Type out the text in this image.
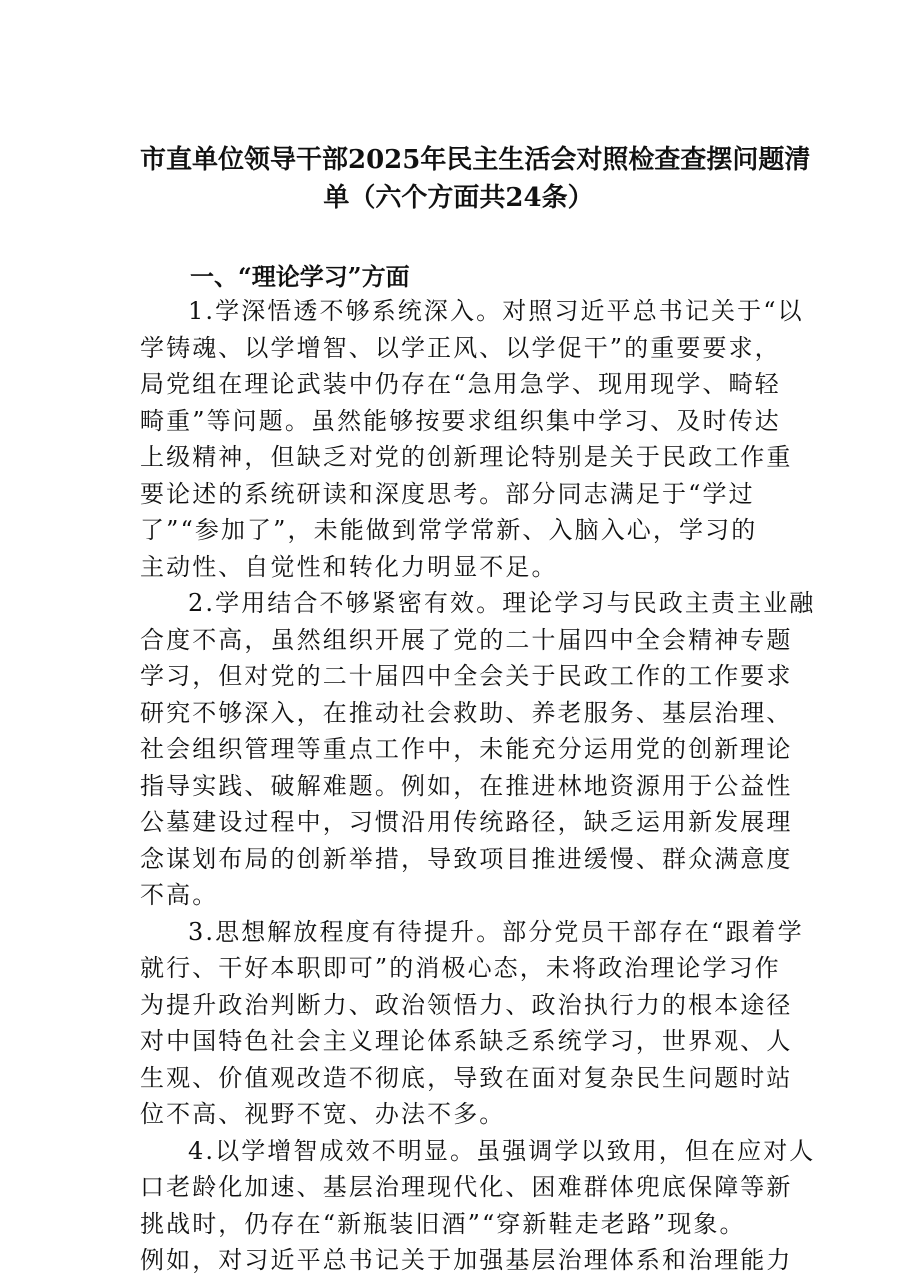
市直单位领导干部2025年民主生活会对照检查查摆问题清
单（六个方面共24条）
一、“理论学习”方面

1.学深悟透不够系统深入。对照习近平总书记关于“以
学铸魂、以学增智、以学正风、以学促干”的重要要求，
局党组在理论武装中仍存在“急用急学、现用现学、畸轻
畸重”等问题。虽然能够按要求组织集中学习、及时传达
上级精神，但缺乏对党的创新理论特别是关于民政工作重
要论述的系统研读和深度思考。部分同志满足于“学过
了”“参加了”，未能做到常学常新、入脑入心，学习的
主动性、自觉性和转化力明显不足。

2.学用结合不够紧密有效。理论学习与民政主责主业融
合度不高，虽然组织开展了党的二十届四中全会精神专题
学习，但对党的二十届四中全会关于民政工作的工作要求
研究不够深入，在推动社会救助、养老服务、基层治理、
社会组织管理等重点工作中，未能充分运用党的创新理论
指导实践、破解难题。例如，在推进林地资源用于公益性
公墓建设过程中，习惯沿用传统路径，缺乏运用新发展理
念谋划布局的创新举措，导致项目推进缓慢、群众满意度
不高。

3.思想解放程度有待提升。部分党员干部存在“跟着学
就行、干好本职即可”的消极心态，未将政治理论学习作
为提升政治判断力、政治领悟力、政治执行力的根本途径
对中国特色社会主义理论体系缺乏系统学习，世界观、人
生观、价值观改造不彻底，导致在面对复杂民生问题时站
位不高、视野不宽、办法不多。

4.以学增智成效不明显。虽强调学以致用，但在应对人
口老龄化加速、基层治理现代化、困难群体兜底保障等新
挑战时，仍存在“新瓶装旧酒”“穿新鞋走老路”现象。
例如，对习近平总书记关于加强基层治理体系和治理能力
